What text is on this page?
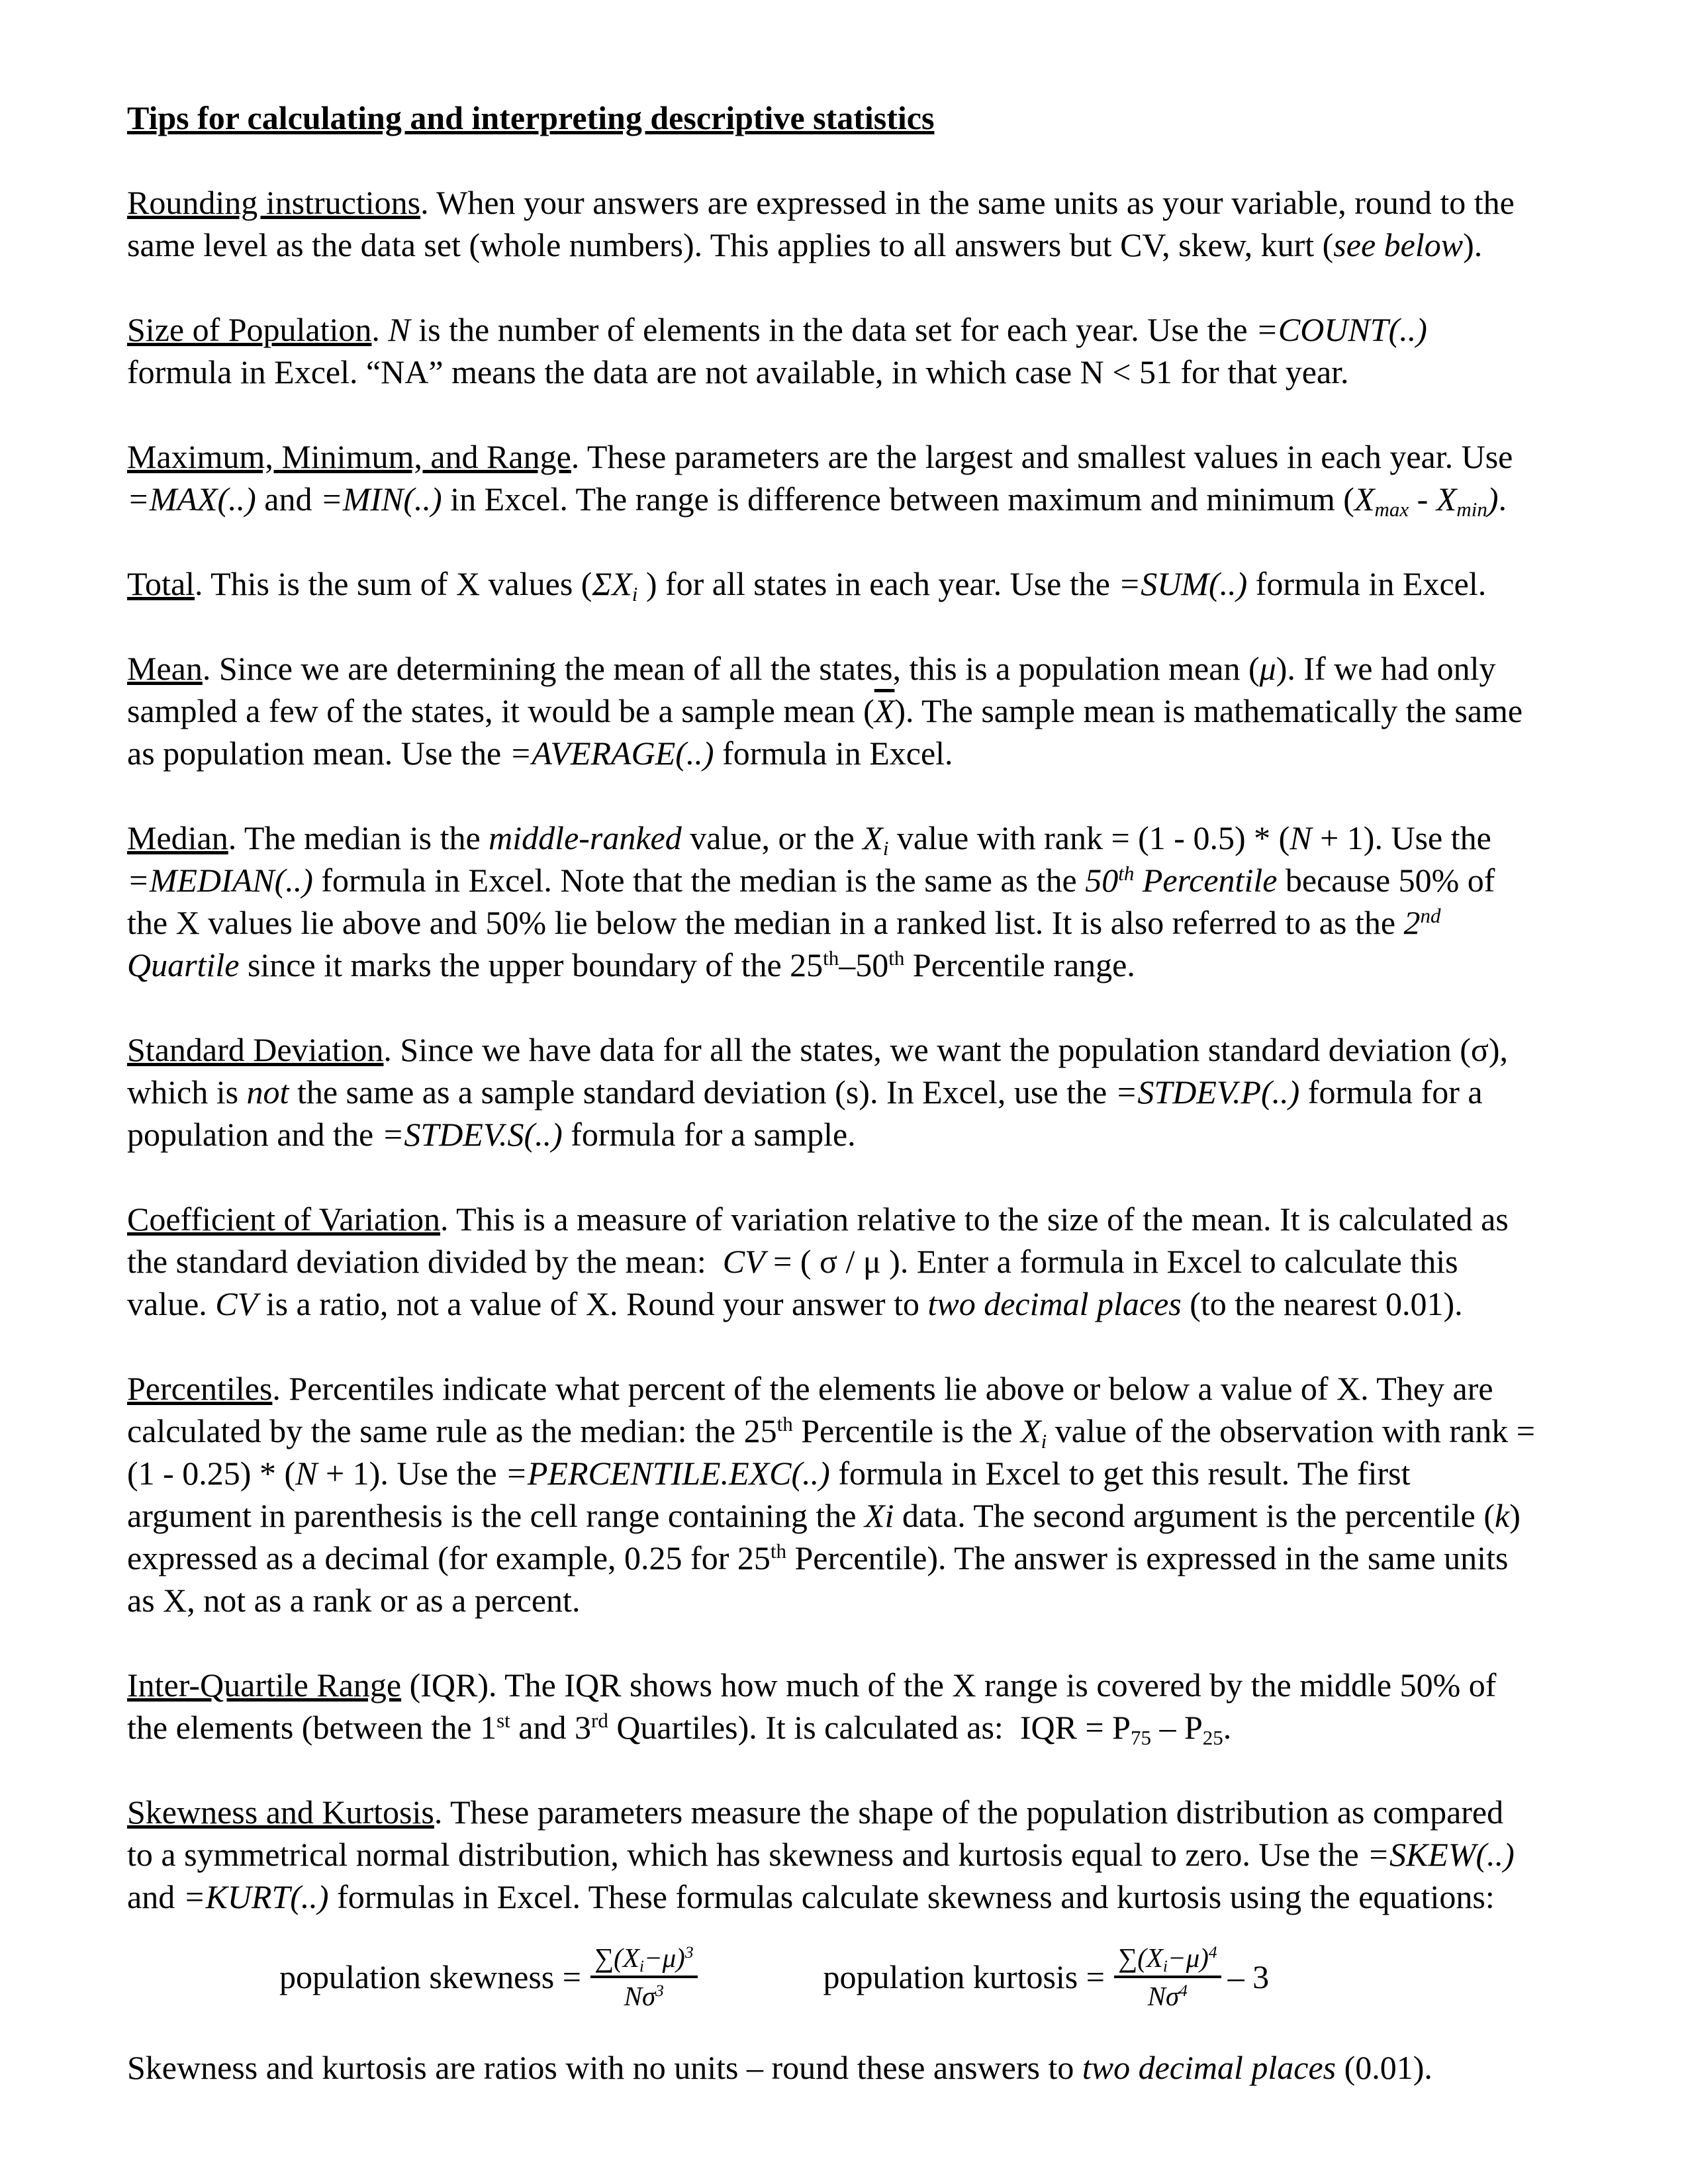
Tips for calculating and interpreting descriptive statistics

Rounding instructions. When your answers are expressed in the same units as your variable, round to the
same level as the data set (whole numbers). This applies to all answers but CV, skew, kurt (see below).

Size of Population. N is the number of elements in the data set for each year. Use the =COUNT(..)
formula in Excel. “NA” means the data are not available, in which case N < 51 for that year.

Maximum, Minimum, and Range. These parameters are the largest and smallest values in each year. Use
=MAX(..) and =MIN(..) in Excel. The range is difference between maximum and minimum (Xmax - Xmin).

Total. This is the sum of X values (ΣXi ) for all states in each year. Use the =SUM(..) formula in Excel.

Mean. Since we are determining the mean of all the states, this is a population mean (μ). If we had only
sampled a few of the states, it would be a sample mean $(\overline{X})$. The sample mean is mathematically the same
as population mean. Use the =AVERAGE(..) formula in Excel.

Median. The median is the middle-ranked value, or the Xi value with rank = (1 - 0.5) * (N + 1). Use the
=MEDIAN(..) formula in Excel. Note that the median is the same as the 50th Percentile because 50% of
the X values lie above and 50% lie below the median in a ranked list. It is also referred to as the 2nd
Quartile since it marks the upper boundary of the 25th–50th Percentile range.

Standard Deviation. Since we have data for all the states, we want the population standard deviation (σ),
which is not the same as a sample standard deviation (s). In Excel, use the =STDEV.P(..) formula for a
population and the =STDEV.S(..) formula for a sample.

Coefficient of Variation. This is a measure of variation relative to the size of the mean. It is calculated as
the standard deviation divided by the mean:  CV = ( σ / μ ). Enter a formula in Excel to calculate this
value. CV is a ratio, not a value of X. Round your answer to two decimal places (to the nearest 0.01).

Percentiles. Percentiles indicate what percent of the elements lie above or below a value of X. They are
calculated by the same rule as the median: the 25th Percentile is the Xi value of the observation with rank =
(1 - 0.25) * (N + 1). Use the =PERCENTILE.EXC(..) formula in Excel to get this result. The first
argument in parenthesis is the cell range containing the Xi data. The second argument is the percentile (k)
expressed as a decimal (for example, 0.25 for 25th Percentile). The answer is expressed in the same units
as X, not as a rank or as a percent.

Inter-Quartile Range (IQR). The IQR shows how much of the X range is covered by the middle 50% of
the elements (between the 1st and 3rd Quartiles). It is calculated as:  IQR = P75 – P25.

Skewness and Kurtosis. These parameters measure the shape of the population distribution as compared
to a symmetrical normal distribution, which has skewness and kurtosis equal to zero. Use the =SKEW(..)
and =KURT(..) formulas in Excel. These formulas calculate skewness and kurtosis using the equations:

population skewness = $\frac{\sum(Xi-\mu)^3}{N\sigma^3}$	population kurtosis = $\frac{\sum(Xi-\mu)^4}{N\sigma^4} - 3$

Skewness and kurtosis are ratios with no units – round these answers to two decimal places (0.01).
